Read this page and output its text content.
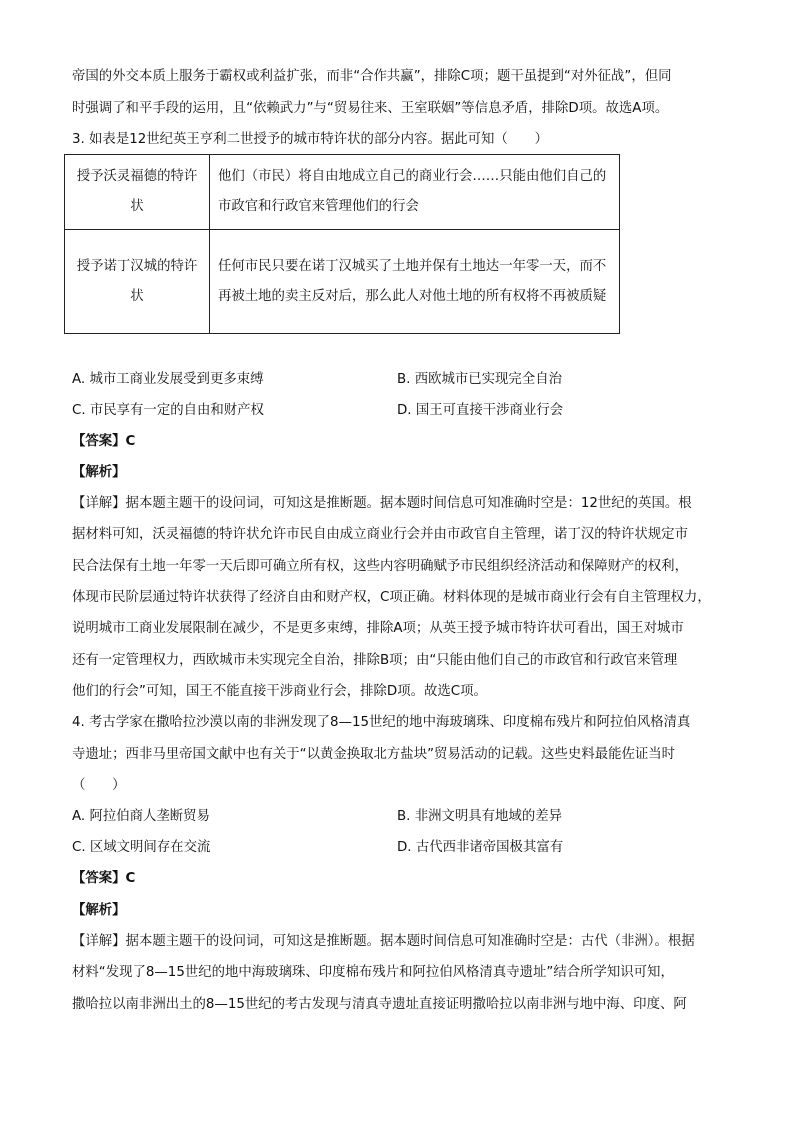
帝国的外交本质上服务于霸权或利益扩张，而非“合作共赢”，排除C项；题干虽提到“对外征战”，但同
时强调了和平手段的运用，且“依赖武力”与“贸易往来、王室联姻”等信息矛盾，排除D项。故选A项。
3. 如表是12世纪英王亨利二世授予的城市特许状的部分内容。据此可知（　　）
授予沃灵福德的特许状	他们（市民）将自由地成立自己的商业行会……只能由他们自己的市政官和行政官来管理他们的行会
授予诺丁汉城的特许状	任何市民只要在诺丁汉城买了土地并保有土地达一年零一天，而不再被土地的卖主反对后，那么此人对他土地的所有权将不再被质疑
A. 城市工商业发展受到更多束缚	B. 西欧城市已实现完全自治
C. 市民享有一定的自由和财产权	D. 国王可直接干涉商业行会
【答案】C
【解析】
【详解】据本题主题干的设问词，可知这是推断题。据本题时间信息可知准确时空是：12世纪的英国。根
据材料可知，沃灵福德的特许状允许市民自由成立商业行会并由市政官自主管理，诺丁汉的特许状规定市
民合法保有土地一年零一天后即可确立所有权，这些内容明确赋予市民组织经济活动和保障财产的权利，
体现市民阶层通过特许状获得了经济自由和财产权，C项正确。材料体现的是城市商业行会有自主管理权力，
说明城市工商业发展限制在减少，不是更多束缚，排除A项；从英王授予城市特许状可看出，国王对城市
还有一定管理权力，西欧城市未实现完全自治，排除B项；由“只能由他们自己的市政官和行政官来管理
他们的行会”可知，国王不能直接干涉商业行会，排除D项。故选C项。
4. 考古学家在撒哈拉沙漠以南的非洲发现了8—15世纪的地中海玻璃珠、印度棉布残片和阿拉伯风格清真
寺遗址；西非马里帝国文献中也有关于“以黄金换取北方盐块”贸易活动的记载。这些史料最能佐证当时
（　　）
A. 阿拉伯商人垄断贸易	B. 非洲文明具有地域的差异
C. 区域文明间存在交流	D. 古代西非诸帝国极其富有
【答案】C
【解析】
【详解】据本题主题干的设问词，可知这是推断题。据本题时间信息可知准确时空是：古代（非洲）。根据
材料“发现了8—15世纪的地中海玻璃珠、印度棉布残片和阿拉伯风格清真寺遗址”结合所学知识可知，
撒哈拉以南非洲出土的8—15世纪的考古发现与清真寺遗址直接证明撒哈拉以南非洲与地中海、印度、阿
